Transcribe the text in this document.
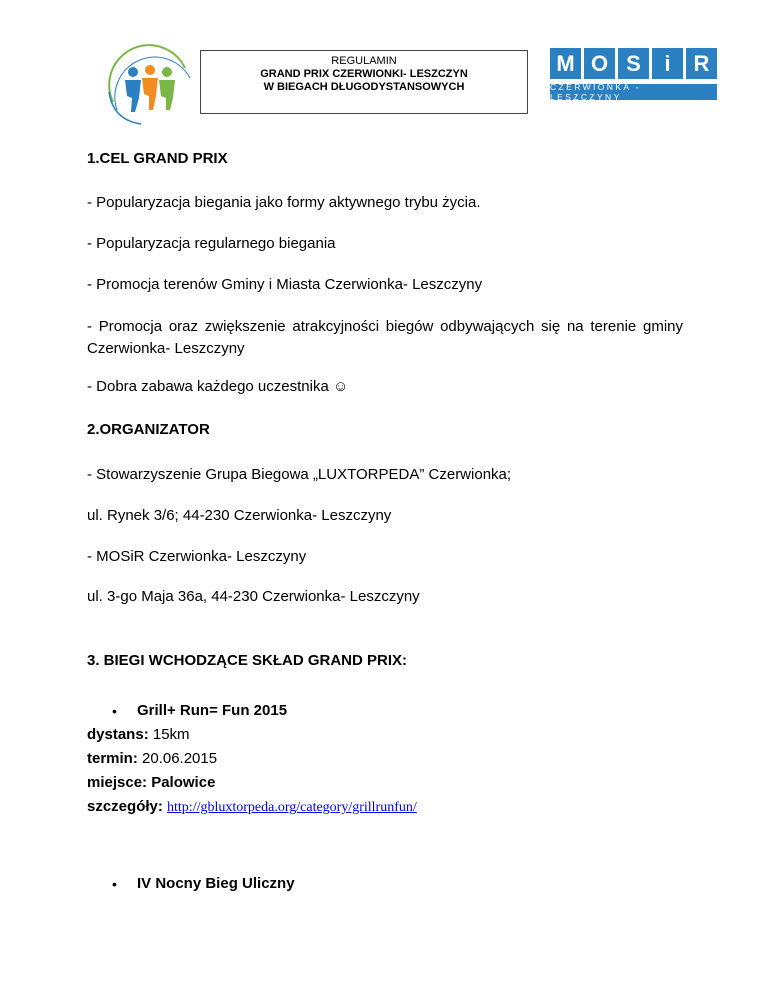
REGULAMIN
GRAND PRIX CZERWIONKI- LESZCZYN
W BIEGACH DŁUGODYSTANSOWYCH
M O S	i	R
CZERWIONKA - LESZCZYNY
1.CEL GRAND PRIX
- Popularyzacja biegania jako formy aktywnego trybu życia.
- Popularyzacja regularnego biegania
- Promocja terenów Gminy i Miasta Czerwionka- Leszczyny
- Promocja oraz zwiększenie atrakcyjności biegów odbywających się na terenie gminy Czerwionka- Leszczyny
- Dobra zabawa każdego uczestnika ☺
2.ORGANIZATOR
- Stowarzyszenie Grupa Biegowa „LUXTORPEDA” Czerwionka;
ul. Rynek 3/6; 44-230 Czerwionka- Leszczyny
- MOSiR Czerwionka- Leszczyny
ul. 3-go Maja 36a, 44-230 Czerwionka- Leszczyny
3. BIEGI WCHODZĄCE SKŁAD GRAND PRIX:
• Grill+ Run= Fun 2015
dystans: 15km
termin: 20.06.2015
miejsce: Palowice
szczegóły: http://gbluxtorpeda.org/category/grillrunfun/
• IV Nocny Bieg Uliczny
